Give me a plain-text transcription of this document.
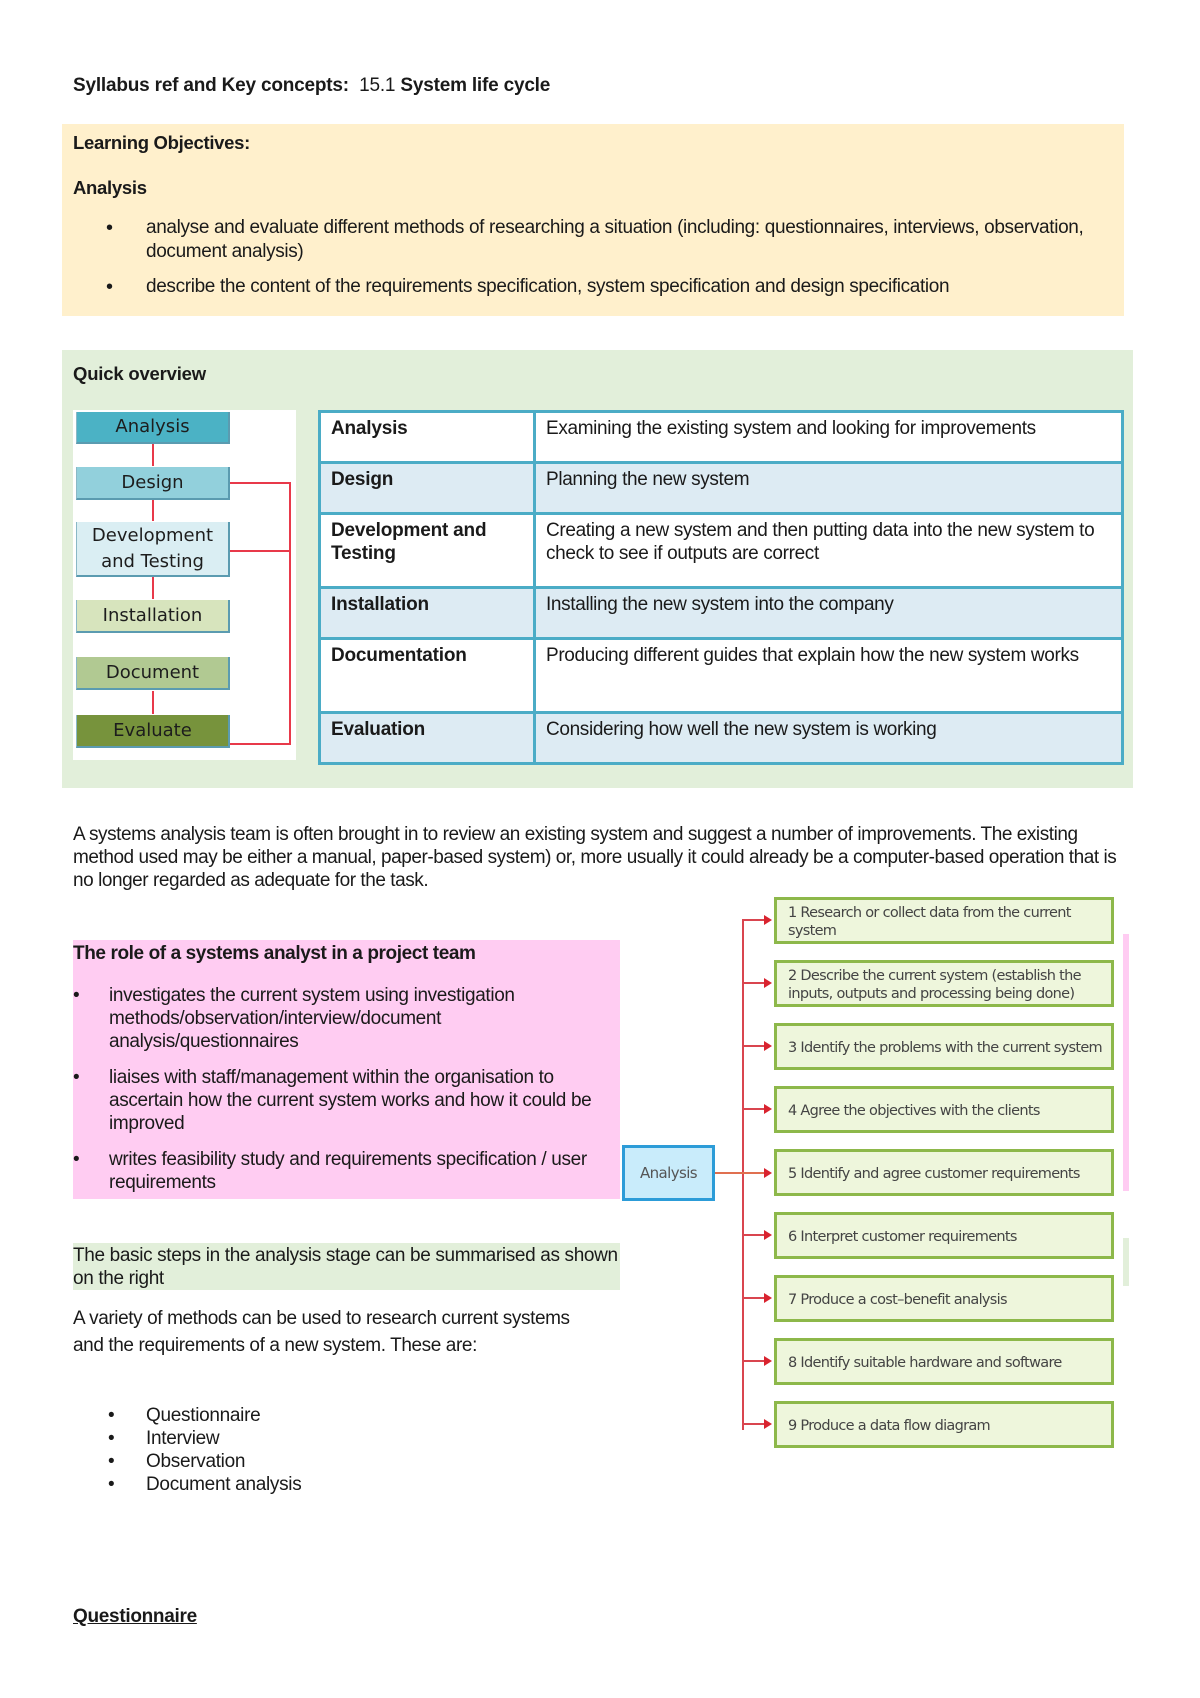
Syllabus ref and Key concepts: 15.1 System life cycle
Learning Objectives:
Analysis
• analyse and evaluate different methods of researching a situation (including: questionnaires, interviews, observation, document analysis)
• describe the content of the requirements specification, system specification and design specification
Quick overview
Analysis
Design
Development and Testing
Installation
Document
Evaluate
Analysis	Examining the existing system and looking for improvements
Design	Planning the new system
Development and Testing	Creating a new system and then putting data into the new system to check to see if outputs are correct
Installation	Installing the new system into the company
Documentation	Producing different guides that explain how the new system works
Evaluation	Considering how well the new system is working

A systems analysis team is often brought in to review an existing system and suggest a number of improvements. The existing method used may be either a manual, paper-based system) or, more usually it could already be a computer-based operation that is no longer regarded as adequate for the task.

The role of a systems analyst in a project team
• investigates the current system using investigation methods/observation/interview/document analysis/questionnaires
• liaises with staff/management within the organisation to ascertain how the current system works and how it could be improved
• writes feasibility study and requirements specification / user requirements
The basic steps in the analysis stage can be summarised as shown on the right

A variety of methods can be used to research current systems and the requirements of a new system. These are:

• Questionnaire
• Interview
• Observation
• Document analysis
Questionnaire
Analysis
1 Research or collect data from the current system
2 Describe the current system (establish the inputs, outputs and processing being done)
3 Identify the problems with the current system
4 Agree the objectives with the clients
5 Identify and agree customer requirements
6 Interpret customer requirements
7 Produce a cost–benefit analysis
8 Identify suitable hardware and software
9 Produce a data flow diagram
